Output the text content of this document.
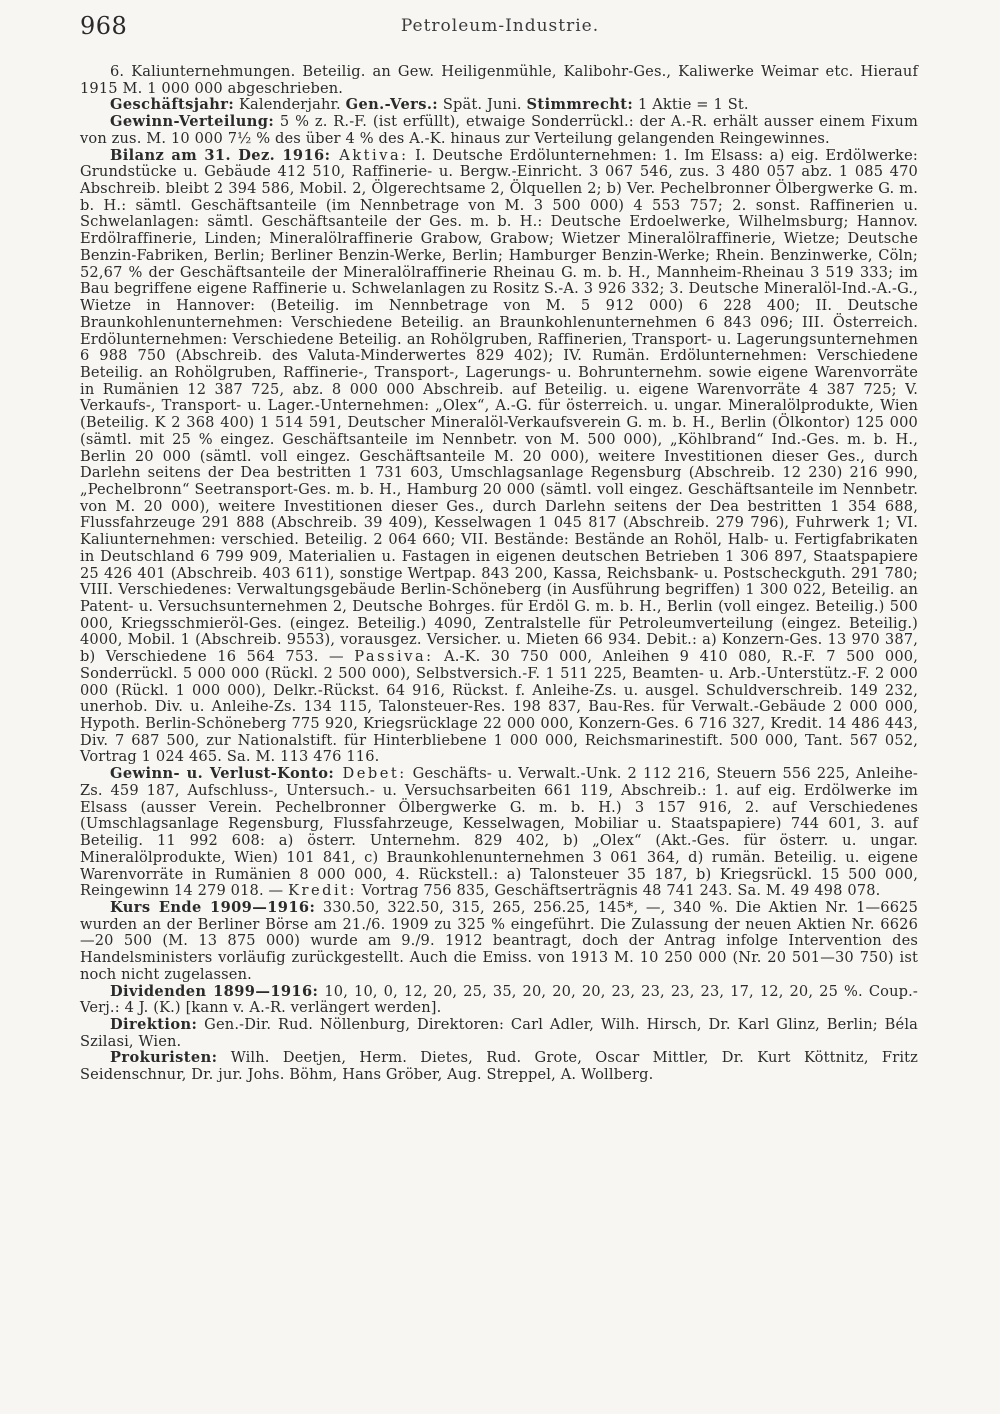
968	Petroleum-Industrie.

6. Kaliunternehmungen. Beteilig. an Gew. Heiligenmühle, Kalibohr-Ges., Kaliwerke Weimar etc. Hierauf 1915 M. 1 000 000 abgeschrieben.

Geschäftsjahr: Kalenderjahr. Gen.-Vers.: Spät. Juni. Stimmrecht: 1 Aktie = 1 St.

Gewinn-Verteilung: 5 % z. R.-F. (ist erfüllt), etwaige Sonderrückl.: der A.-R. erhält ausser einem Fixum von zus. M. 10 000 7½ % des über 4 % des A.-K. hinaus zur Verteilung gelangenden Reingewinnes.

Bilanz am 31. Dez. 1916: Aktiva: I. Deutsche Erdölunternehmen: 1. Im Elsass: a) eig. Erdölwerke: Grundstücke u. Gebäude 412 510, Raffinerie- u. Bergw.-Einricht. 3 067 546, zus. 3 480 057 abz. 1 085 470 Abschreib. bleibt 2 394 586, Mobil. 2, Ölgerechtsame 2, Ölquellen 2; b) Ver. Pechelbronner Ölbergwerke G. m. b. H.: sämtl. Geschäftsanteile (im Nennbetrage von M. 3 500 000) 4 553 757; 2. sonst. Raffinerien u. Schwelanlagen: sämtl. Geschäftsanteile der Ges. m. b. H.: Deutsche Erdoelwerke, Wilhelmsburg; Hannov. Erdölraffinerie, Linden; Mineralölraffinerie Grabow, Grabow; Wietzer Mineralölraffinerie, Wietze; Deutsche Benzin-Fabriken, Berlin; Berliner Benzin-Werke, Berlin; Hamburger Benzin-Werke; Rhein. Benzinwerke, Cöln; 52,67 % der Geschäftsanteile der Mineralölraffinerie Rheinau G. m. b. H., Mannheim-Rheinau 3 519 333; im Bau begriffene eigene Raffinerie u. Schwelanlagen zu Rositz S.-A. 3 926 332; 3. Deutsche Mineralöl-Ind.-A.-G., Wietze in Hannover: (Beteilig. im Nennbetrage von M. 5 912 000) 6 228 400; II. Deutsche Braunkohlenunternehmen: Verschiedene Beteilig. an Braunkohlenunternehmen 6 843 096; III. Österreich. Erdölunternehmen: Verschiedene Beteilig. an Rohölgruben, Raffinerien, Transport- u. Lagerungsunternehmen 6 988 750 (Abschreib. des Valuta-Minderwertes 829 402); IV. Rumän. Erdölunternehmen: Verschiedene Beteilig. an Rohölgruben, Raffinerie-, Transport-, Lagerungs- u. Bohrunternehm. sowie eigene Warenvorräte in Rumänien 12 387 725, abz. 8 000 000 Abschreib. auf Beteilig. u. eigene Warenvorräte 4 387 725; V. Verkaufs-, Transport- u. Lager.-Unternehmen: „Olex“, A.-G. für österreich. u. ungar. Mineralölprodukte, Wien (Beteilig. K 2 368 400) 1 514 591, Deutscher Mineralöl-Verkaufsverein G. m. b. H., Berlin (Ölkontor) 125 000 (sämtl. mit 25 % eingez. Geschäftsanteile im Nennbetr. von M. 500 000), „Köhlbrand“ Ind.-Ges. m. b. H., Berlin 20 000 (sämtl. voll eingez. Geschäftsanteile M. 20 000), weitere Investitionen dieser Ges., durch Darlehn seitens der Dea bestritten 1 731 603, Umschlagsanlage Regensburg (Abschreib. 12 230) 216 990, „Pechelbronn“ Seetransport-Ges. m. b. H., Hamburg 20 000 (sämtl. voll eingez. Geschäftsanteile im Nennbetr. von M. 20 000), weitere Investitionen dieser Ges., durch Darlehn seitens der Dea bestritten 1 354 688, Flussfahrzeuge 291 888 (Abschreib. 39 409), Kesselwagen 1 045 817 (Abschreib. 279 796), Fuhrwerk 1; VI. Kaliunternehmen: verschied. Beteilig. 2 064 660; VII. Bestände: Bestände an Rohöl, Halb- u. Fertigfabrikaten in Deutschland 6 799 909, Materialien u. Fastagen in eigenen deutschen Betrieben 1 306 897, Staatspapiere 25 426 401 (Abschreib. 403 611), sonstige Wertpap. 843 200, Kassa, Reichsbank- u. Postscheckguth. 291 780; VIII. Verschiedenes: Verwaltungsgebäude Berlin-Schöneberg (in Ausführung begriffen) 1 300 022, Beteilig. an Patent- u. Versuchsunternehmen 2, Deutsche Bohrges. für Erdöl G. m. b. H., Berlin (voll eingez. Beteilig.) 500 000, Kriegsschmieröl-Ges. (eingez. Beteilig.) 4090, Zentralstelle für Petroleumverteilung (eingez. Beteilig.) 4000, Mobil. 1 (Abschreib. 9553), vorausgez. Versicher. u. Mieten 66 934. Debit.: a) Konzern-Ges. 13 970 387, b) Verschiedene 16 564 753. — Passiva: A.-K. 30 750 000, Anleihen 9 410 080, R.-F. 7 500 000, Sonderrückl. 5 000 000 (Rückl. 2 500 000), Selbstversich.-F. 1 511 225, Beamten- u. Arb.-Unterstütz.-F. 2 000 000 (Rückl. 1 000 000), Delkr.-Rückst. 64 916, Rückst. f. Anleihe-Zs. u. ausgel. Schuldverschreib. 149 232, unerhob. Div. u. Anleihe-Zs. 134 115, Talonsteuer-Res. 198 837, Bau-Res. für Verwalt.-Gebäude 2 000 000, Hypoth. Berlin-Schöneberg 775 920, Kriegsrücklage 22 000 000, Konzern-Ges. 6 716 327, Kredit. 14 486 443, Div. 7 687 500, zur Nationalstift. für Hinterbliebene 1 000 000, Reichsmarinestift. 500 000, Tant. 567 052, Vortrag 1 024 465. Sa. M. 113 476 116.

Gewinn- u. Verlust-Konto: Debet: Geschäfts- u. Verwalt.-Unk. 2 112 216, Steuern 556 225, Anleihe-Zs. 459 187, Aufschluss-, Untersuch.- u. Versuchsarbeiten 661 119, Abschreib.: 1. auf eig. Erdölwerke im Elsass (ausser Verein. Pechelbronner Ölbergwerke G. m. b. H.) 3 157 916, 2. auf Verschiedenes (Umschlagsanlage Regensburg, Flussfahrzeuge, Kesselwagen, Mobiliar u. Staatspapiere) 744 601, 3. auf Beteilig. 11 992 608: a) österr. Unternehm. 829 402, b) „Olex“ (Akt.-Ges. für österr. u. ungar. Mineralölprodukte, Wien) 101 841, c) Braunkohlenunternehmen 3 061 364, d) rumän. Beteilig. u. eigene Warenvorräte in Rumänien 8 000 000, 4. Rückstell.: a) Talonsteuer 35 187, b) Kriegsrückl. 15 500 000, Reingewinn 14 279 018. — Kredit: Vortrag 756 835, Geschäftserträgnis 48 741 243. Sa. M. 49 498 078.

Kurs Ende 1909—1916: 330.50, 322.50, 315, 265, 256.25, 145*, —, 340 %. Die Aktien Nr. 1—6625 wurden an der Berliner Börse am 21./6. 1909 zu 325 % eingeführt. Die Zulassung der neuen Aktien Nr. 6626—20 500 (M. 13 875 000) wurde am 9./9. 1912 beantragt, doch der Antrag infolge Intervention des Handelsministers vorläufig zurückgestellt. Auch die Emiss. von 1913 M. 10 250 000 (Nr. 20 501—30 750) ist noch nicht zugelassen.

Dividenden 1899—1916: 10, 10, 0, 12, 20, 25, 35, 20, 20, 20, 23, 23, 23, 23, 17, 12, 20, 25 %. Coup.-Verj.: 4 J. (K.) [kann v. A.-R. verlängert werden].

Direktion: Gen.-Dir. Rud. Nöllenburg, Direktoren: Carl Adler, Wilh. Hirsch, Dr. Karl Glinz, Berlin; Béla Szilasi, Wien.

Prokuristen: Wilh. Deetjen, Herm. Dietes, Rud. Grote, Oscar Mittler, Dr. Kurt Köttnitz, Fritz Seidenschnur, Dr. jur. Johs. Böhm, Hans Gröber, Aug. Streppel, A. Wollberg.
